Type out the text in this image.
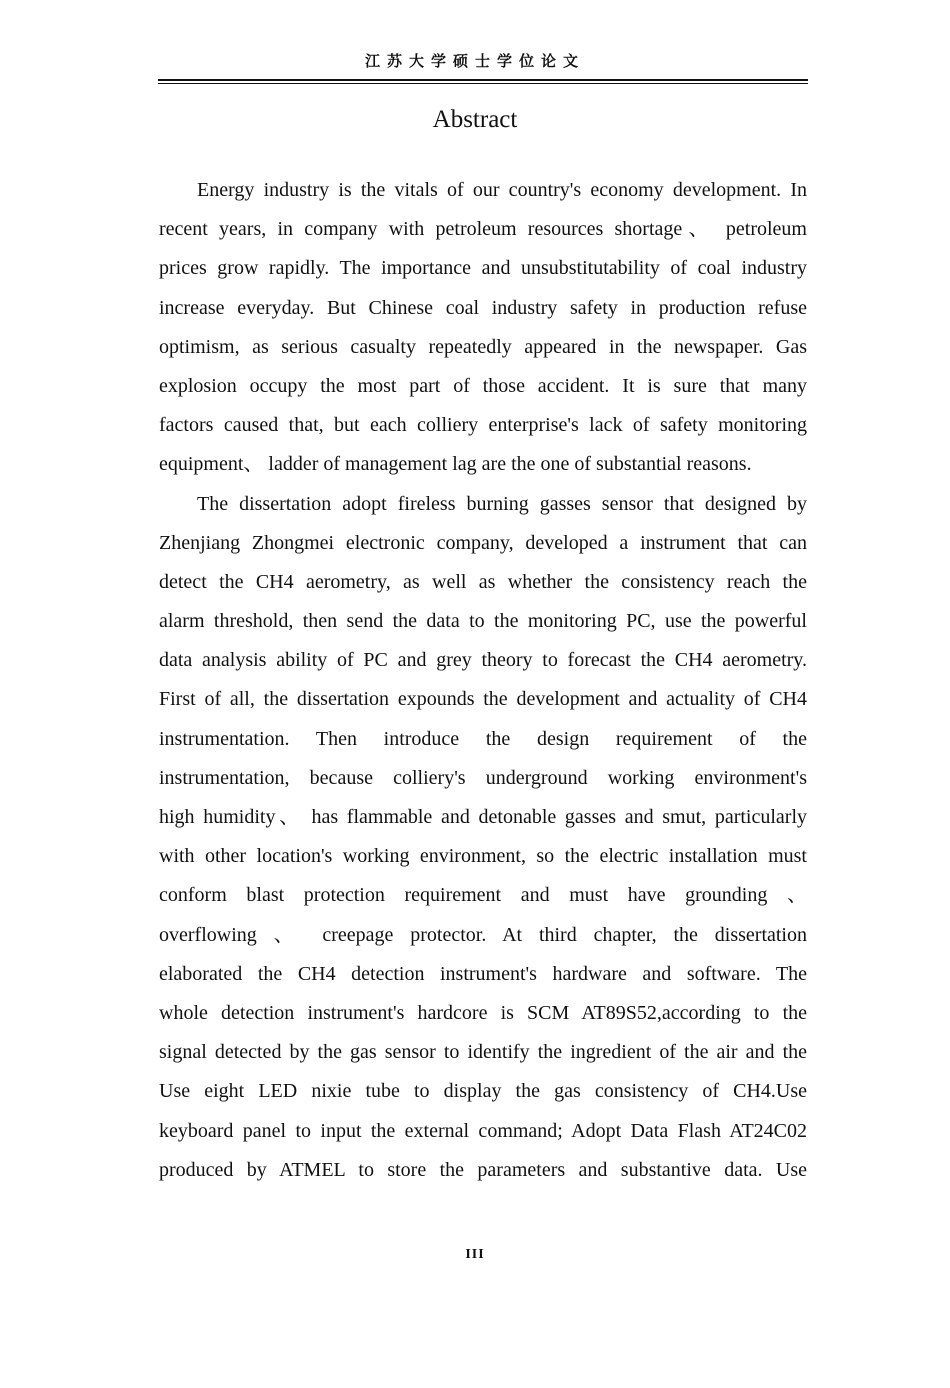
江苏大学硕士学位论文
Abstract
Energy industry is the vitals of our country's economy development. In
recent years, in company with petroleum resources shortage、 petroleum
prices grow rapidly. The importance and unsubstitutability of coal industry
increase everyday. But Chinese coal industry safety in production refuse
optimism, as serious casualty repeatedly appeared in the newspaper. Gas
explosion occupy the most part of those accident. It is sure that many
factors caused that, but each colliery enterprise's lack of safety monitoring
equipment、 ladder of management lag are the one of substantial reasons.
The dissertation adopt fireless burning gasses sensor that designed by
Zhenjiang Zhongmei electronic company, developed a instrument that can
detect the CH4 aerometry, as well as whether the consistency reach the
alarm threshold, then send the data to the monitoring PC, use the powerful
data analysis ability of PC and grey theory to forecast the CH4 aerometry.
First of all, the dissertation expounds the development and actuality of CH4
instrumentation. Then introduce the design requirement of the
instrumentation, because colliery's underground working environment's
high humidity、 has flammable and detonable gasses and smut, particularly
with other location's working environment, so the electric installation must
conform blast protection requirement and must have grounding 、
overflowing 、 creepage protector. At third chapter, the dissertation
elaborated the CH4 detection instrument's hardware and software. The
whole detection instrument's hardcore is SCM AT89S52,according to the
signal detected by the gas sensor to identify the ingredient of the air and the
Use eight LED nixie tube to display the gas consistency of CH4.Use
keyboard panel to input the external command; Adopt Data Flash AT24C02
produced by ATMEL to store the parameters and substantive data. Use
III
